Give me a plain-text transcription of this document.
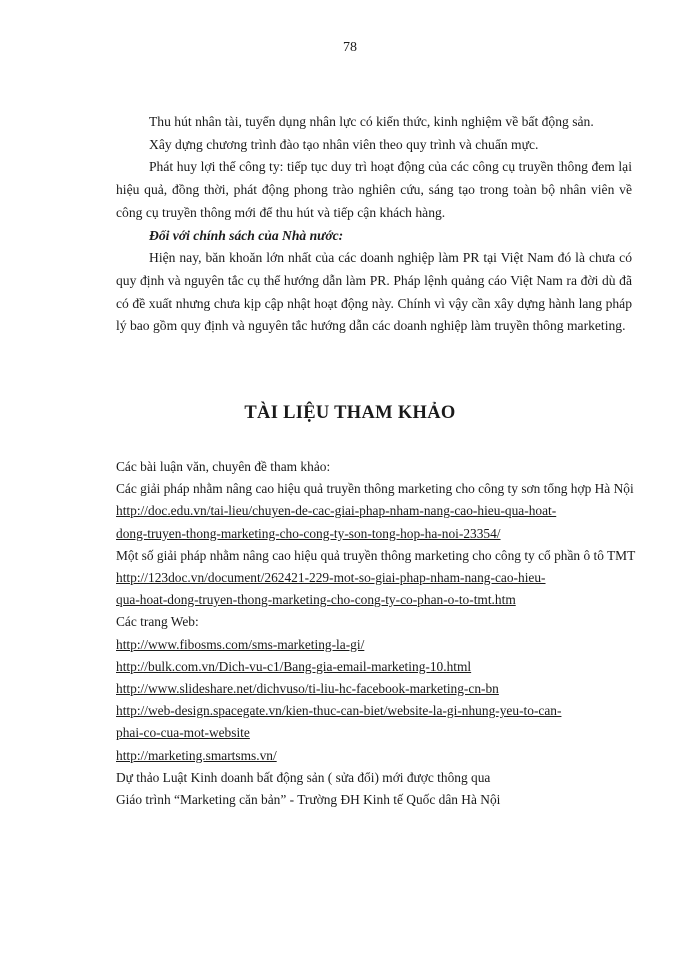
78

Thu hút nhân tài, tuyển dụng nhân lực có kiến thức, kinh nghiệm về bất động sản.

Xây dựng chương trình đào tạo nhân viên theo quy trình và chuẩn mực.

Phát huy lợi thế công ty: tiếp tục duy trì hoạt động của các công cụ truyền thông đem lại hiệu quả, đồng thời, phát động phong trào nghiên cứu, sáng tạo trong toàn bộ nhân viên về công cụ truyền thông mới để thu hút và tiếp cận khách hàng.

Đối với chính sách của Nhà nước:

Hiện nay, băn khoăn lớn nhất của các doanh nghiệp làm PR tại Việt Nam đó là chưa có quy định và nguyên tắc cụ thể hướng dẫn làm PR. Pháp lệnh quảng cáo Việt Nam ra đời dù đã có đề xuất nhưng chưa kịp cập nhật hoạt động này. Chính vì vậy cần xây dựng hành lang pháp lý bao gồm quy định và nguyên tắc hướng dẫn các doanh nghiệp làm truyền thông marketing.

TÀI LIỆU THAM KHẢO

Các bài luận văn, chuyên đề tham khảo:

Các giải pháp nhằm nâng cao hiệu quả truyền thông marketing cho công ty sơn tổng hợp Hà Nội

http://doc.edu.vn/tai-lieu/chuyen-de-cac-giai-phap-nham-nang-cao-hieu-qua-hoat-

dong-truyen-thong-marketing-cho-cong-ty-son-tong-hop-ha-noi-23354/

Một số giải pháp nhằm nâng cao hiệu quả truyền thông marketing cho công ty cổ phần ô tô TMT

http://123doc.vn/document/262421-229-mot-so-giai-phap-nham-nang-cao-hieu-

qua-hoat-dong-truyen-thong-marketing-cho-cong-ty-co-phan-o-to-tmt.htm

Các trang Web:

http://www.fibosms.com/sms-marketing-la-gi/

http://bulk.com.vn/Dich-vu-c1/Bang-gia-email-marketing-10.html

http://www.slideshare.net/dichvuso/ti-liu-hc-facebook-marketing-cn-bn

http://web-design.spacegate.vn/kien-thuc-can-biet/website-la-gi-nhung-yeu-to-can-

phai-co-cua-mot-website

http://marketing.smartsms.vn/

Dự thảo Luật Kinh doanh bất động sản ( sửa đổi) mới được thông qua

Giáo trình “Marketing căn bản” - Trường ĐH Kinh tế Quốc dân Hà Nội
